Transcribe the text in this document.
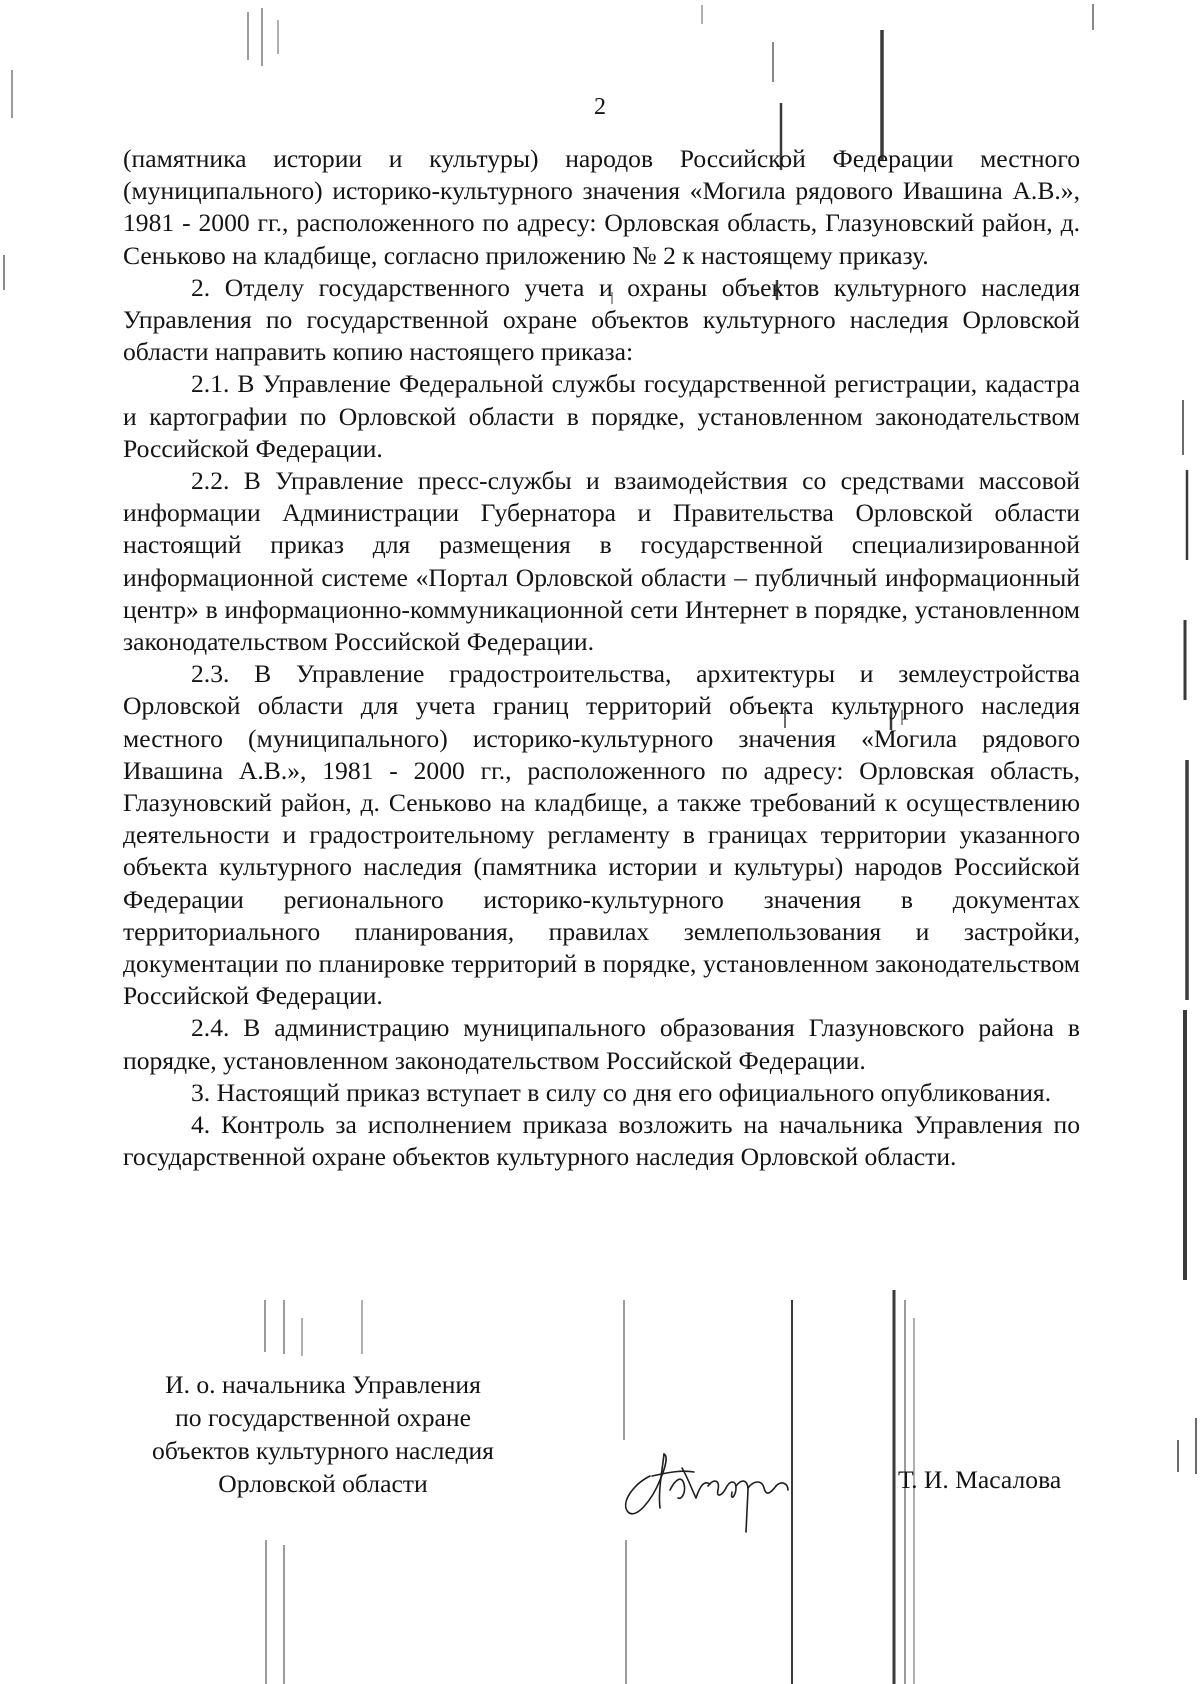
2

(памятника истории и культуры) народов Российской Федерации местного (муниципального) историко-культурного значения «Могила рядового Ивашина А.В.», 1981 - 2000 гг., расположенного по адресу: Орловская область, Глазуновский район, д. Сеньково на кладбище, согласно приложению № 2 к настоящему приказу.

2. Отделу государственного учета и охраны объектов культурного наследия Управления по государственной охране объектов культурного наследия Орловской области направить копию настоящего приказа:

2.1. В Управление Федеральной службы государственной регистрации, кадастра и картографии по Орловской области в порядке, установленном законодательством Российской Федерации.

2.2. В Управление пресс-службы и взаимодействия со средствами массовой информации Администрации Губернатора и Правительства Орловской области настоящий приказ для размещения в государственной специализированной информационной системе «Портал Орловской области – публичный информационный центр» в информационно-коммуникационной сети Интернет в порядке, установленном законодательством Российской Федерации.

2.3. В Управление градостроительства, архитектуры и землеустройства Орловской области для учета границ территорий объекта культурного наследия местного (муниципального) историко-культурного значения «Могила рядового Ивашина А.В.», 1981 - 2000 гг., расположенного по адресу: Орловская область, Глазуновский район, д. Сеньково на кладбище, а также требований к осуществлению деятельности и градостроительному регламенту в границах территории указанного объекта культурного наследия (памятника истории и культуры) народов Российской Федерации регионального историко-культурного значения в документах территориального планирования, правилах землепользования и застройки, документации по планировке территорий в порядке, установленном законодательством Российской Федерации.

2.4. В администрацию муниципального образования Глазуновского района в порядке, установленном законодательством Российской Федерации.

3. Настоящий приказ вступает в силу со дня его официального опубликования.

4. Контроль за исполнением приказа возложить на начальника Управления по государственной охране объектов культурного наследия Орловской области.

И. о. начальника Управления
по государственной охране
объектов культурного наследия
Орловской области	Т. И. Масалова
